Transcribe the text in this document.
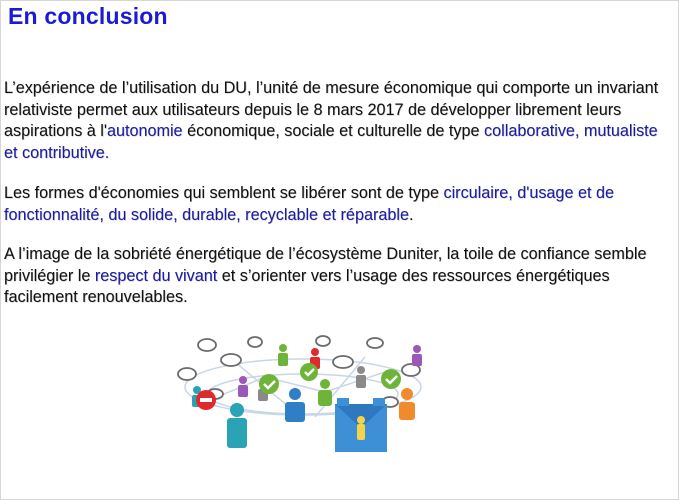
En conclusion

L’expérience de l’utilisation du DU, l’unité de mesure économique qui comporte un invariant relativiste permet aux utilisateurs depuis le 8 mars 2017 de développer librement leurs aspirations à l'autonomie économique, sociale et culturelle de type collaborative, mutualiste et contributive.

Les formes d'économies qui semblent se libérer sont de type circulaire, d'usage et de fonctionnalité, du solide, durable, recyclable et réparable.

A l’image de la sobriété énergétique de l’écosystème Duniter, la toile de confiance semble privilégier le respect du vivant et s’orienter vers l’usage des ressources énergétiques facilement renouvelables.
